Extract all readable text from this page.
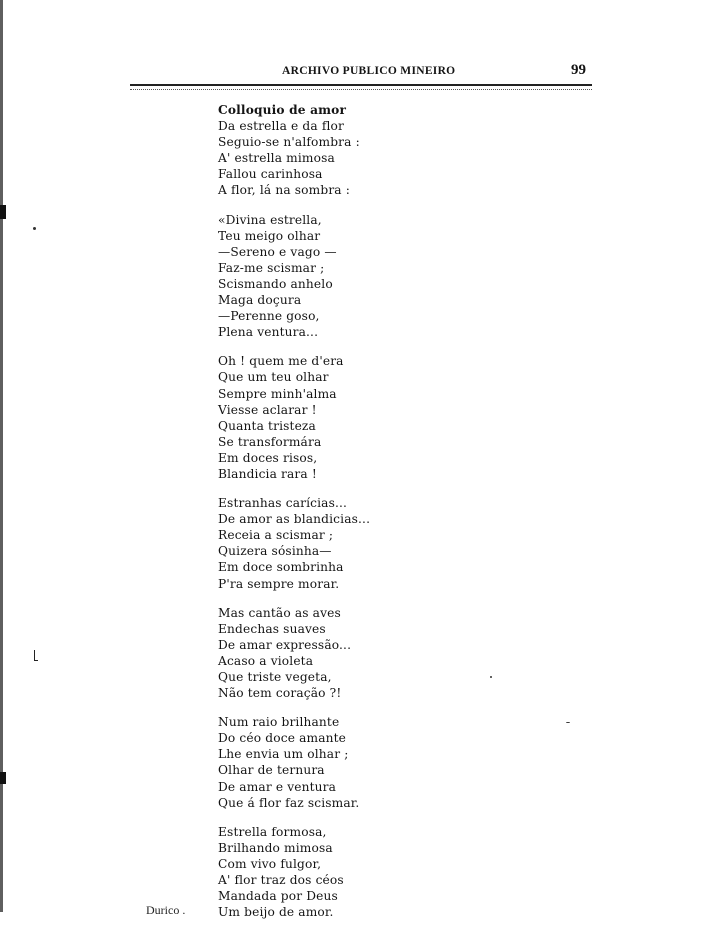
ARCHIVO PUBLICO MINEIRO	99
Colloquio de amor
Da estrella e da flor
Seguio-se n'alfombra :
A' estrella mimosa
Fallou carinhosa
A flor, lá na sombra :
«Divina estrella,
Teu meigo olhar
—Sereno e vago —
Faz-me scismar ;
Scismando anhelo
Maga doçura
—Perenne goso,
Plena ventura...
Oh ! quem me d'era
Que um teu olhar
Sempre minh'alma
Viesse aclarar !
Quanta tristeza
Se transformára
Em doces risos,
Blandicia rara !
Estranhas carícias...
De amor as blandicias...
Receia a scismar ;
Quizera sósinha—
Em doce sombrinha
P'ra sempre morar.
Mas cantão as aves
Endechas suaves
De amar expressão...
Acaso a violeta
Que triste vegeta,
Não tem coração ?!
Num raio brilhante
Do céo doce amante
Lhe envia um olhar ;
Olhar de ternura
De amar e ventura
Que á flor faz scismar.
Estrella formosa,
Brilhando mimosa
Com vivo fulgor,
A' flor traz dos céos
Mandada por Deus
Um beijo de amor.
Durico .
